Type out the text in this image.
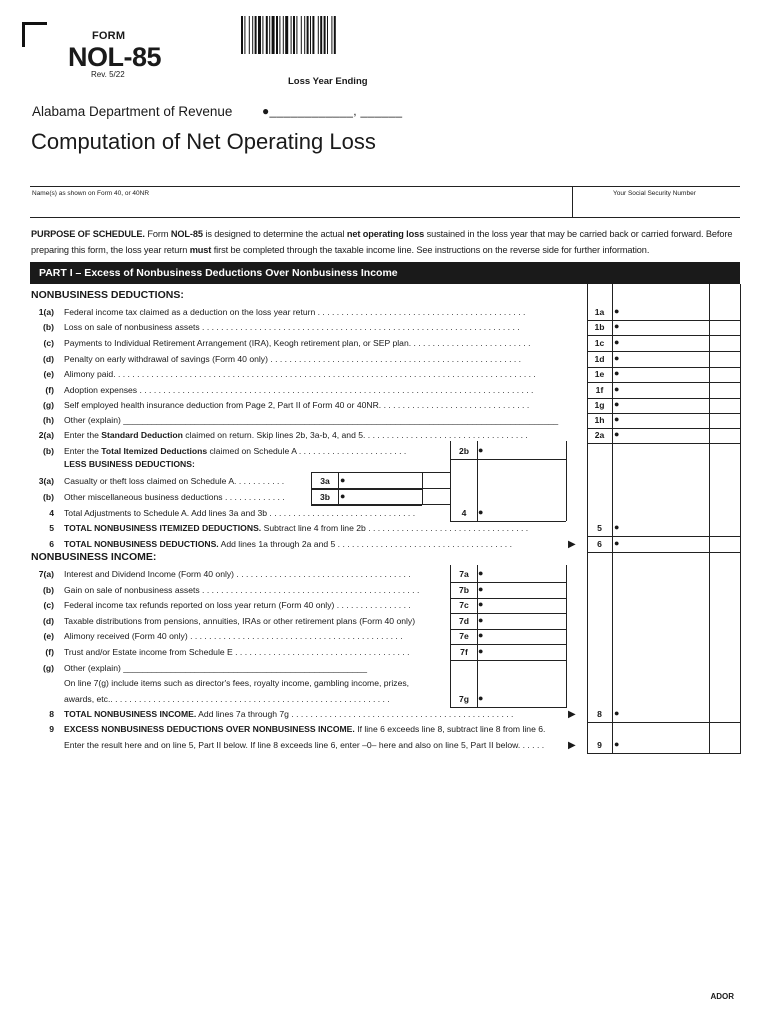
FORM
NOL-85
Rev. 5/22
Loss Year Ending
Alabama Department of Revenue ●____________, ______
Computation of Net Operating Loss
Name(s) as shown on Form 40, or 40NR	Your Social Security Number
PURPOSE OF SCHEDULE. Form NOL-85 is designed to determine the actual net operating loss sustained in the loss year that may be carried back or carried forward. Before preparing this form, the loss year return must first be completed through the taxable income line. See instructions on the reverse side for further information.
PART I – Excess of Nonbusiness Deductions Over Nonbusiness Income
NONBUSINESS DEDUCTIONS:
1(a) Federal income tax claimed as a deduction on the loss year return . . . . . . . . . . . . . . . . . . . . . . . . . . . . . . . . . . . . . . . . . . . .	1a	●
(b) Loss on sale of nonbusiness assets . . . . . . . . . . . . . . . . . . . . . . . . . . . . . . . . . . . . . . . . . . . . . . . . . . . . . . . . . . . . . . . . . . .	1b	●
(c) Payments to Individual Retirement Arrangement (IRA), Keogh retirement plan, or SEP plan. . . . . . . . . . . . . . . . . . . . . . . . . .	1c	●
(d) Penalty on early withdrawal of savings (Form 40 only) . . . . . . . . . . . . . . . . . . . . . . . . . . . . . . . . . . . . . . . . . . . . . . . . . . . . .	1d	●
(e) Alimony paid. . . . . . . . . . . . . . . . . . . . . . . . . . . . . . . . . . . . . . . . . . . . . . . . . . . . . . . . . . . . . . . . . . . . . . . . . . . . . . . . . . . . . . . . .	1e	●
(f) Adoption expenses . . . . . . . . . . . . . . . . . . . . . . . . . . . . . . . . . . . . . . . . . . . . . . . . . . . . . . . . . . . . . . . . . . . . . . . . . . . . . . . . . . .	1f	●
(g) Self employed health insurance deduction from Page 2, Part II of Form 40 or 40NR. . . . . . . . . . . . . . . . . . . . . . . . . . . . . . . .	1g	●
(h) Other (explain) ___________________________________________________________________________________________	1h	●
2(a) Enter the Standard Deduction claimed on return. Skip lines 2b, 3a-b, 4, and 5. . . . . . . . . . . . . . . . . . . . . . . . . . . . . . . . . . .	2a	●
(b) Enter the Total Itemized Deductions claimed on Schedule A . . . . . . . . . . . . . . . . . . . . . . .	2b ●
3(a) Casualty or theft loss claimed on Schedule A. . . . . . . . . . .	3a	●
(b) Other miscellaneous business deductions . . . . . . . . . . . . .	3b	●
4 Total Adjustments to Schedule A. Add lines 3a and 3b . . . . . . . . . . . . . . . . . . . . . . . . . . . . . . .	4	●
5 TOTAL NONBUSINESS ITEMIZED DEDUCTIONS. Subtract line 4 from line 2b . . . . . . . . . . . . . . . . . . . . . . . . . . . . . . . . . .	5	●
6 TOTAL NONBUSINESS DEDUCTIONS. Add lines 1a through 2a and 5 . . . . . . . . . . . . . . . . . . . . . . . . . . . . . . . . . . . . .	6	●
▶
7(a) Interest and Dividend Income (Form 40 only) . . . . . . . . . . . . . . . . . . . . . . . . . . . . . . . . . . . . .	7a	●
(b) Gain on sale of nonbusiness assets . . . . . . . . . . . . . . . . . . . . . . . . . . . . . . . . . . . . . . . . . . . . . .	7b ●
(c) Federal income tax refunds reported on loss year return (Form 40 only) . . . . . . . . . . . . . . . .	7c	●
(d) Taxable distributions from pensions, annuities, IRAs or other retirement plans (Form 40 only)	7d ●
(e) Alimony received (Form 40 only) . . . . . . . . . . . . . . . . . . . . . . . . . . . . . . . . . . . . . . . . . . . . .	7e	●
(f) Trust and/or Estate income from Schedule E . . . . . . . . . . . . . . . . . . . . . . . . . . . . . . . . . . . . .	7f	●
(g) Other (explain) ___________________________________________________
On line 7(g) include items such as director's fees, royalty income, gambling income, prizes,
awards, etc.. . . . . . . . . . . . . . . . . . . . . . . . . . . . . . . . . . . . . . . . . . . . . . . . . . . . . . . . . . .	7g ●
8 TOTAL NONBUSINESS INCOME. Add lines 7a through 7g . . . . . . . . . . . . . . . . . . . . . . . . . . . . . . . . . . . . . . . . . . . . . . .	8	●
▶
9 EXCESS NONBUSINESS DEDUCTIONS OVER NONBUSINESS INCOME. If line 6 exceeds line 8, subtract line 8 from line 6.
Enter the result here and on line 5, Part II below. If line 8 exceeds line 6, enter –0– here and also on line 5, Part II below. . . . . .	9	●
▶
NONBUSINESS INCOME:
LESS BUSINESS DEDUCTIONS:
ADOR
